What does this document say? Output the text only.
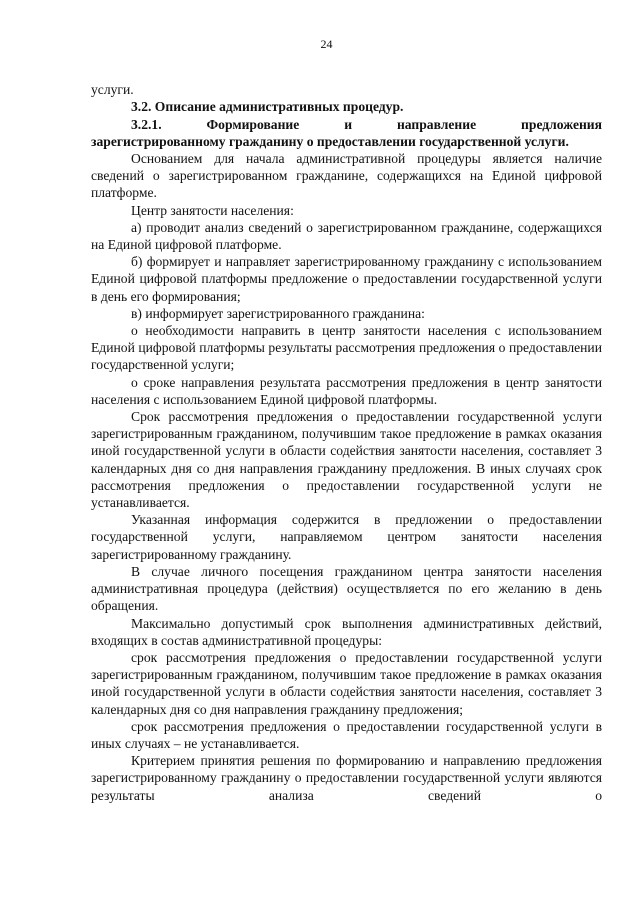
24

услуги.

3.2. Описание административных процедур.

3.2.1.      Формирование      и      направление      предложения
зарегистрированному гражданину о предоставлении государственной услуги.

Основанием для начала административной процедуры является наличие сведений о зарегистрированном гражданине, содержащихся на Единой цифровой платформе.

Центр занятости населения:

а) проводит анализ сведений о зарегистрированном гражданине, содержащихся на Единой цифровой платформе.

б) формирует и направляет зарегистрированному гражданину с использованием Единой цифровой платформы предложение о предоставлении государственной услуги в день его формирования;

в) информирует зарегистрированного гражданина:

о необходимости направить в центр занятости населения с использованием Единой цифровой платформы результаты рассмотрения предложения о предоставлении государственной услуги;

о сроке направления результата рассмотрения предложения в центр занятости населения с использованием Единой цифровой платформы.

Срок рассмотрения предложения о предоставлении государственной услуги зарегистрированным гражданином, получившим такое предложение в рамках оказания иной государственной услуги в области содействия занятости населения, составляет 3 календарных дня со дня направления гражданину предложения. В иных случаях срок рассмотрения предложения о предоставлении государственной услуги не устанавливается.

Указанная информация содержится в предложении о предоставлении государственной услуги, направляемом центром занятости населения зарегистрированному гражданину.

В случае личного посещения гражданином центра занятости населения административная процедура (действия) осуществляется по его желанию в день обращения.

Максимально допустимый срок выполнения административных действий, входящих в состав административной процедуры:

срок рассмотрения предложения о предоставлении государственной услуги зарегистрированным гражданином, получившим такое предложение в рамках оказания иной государственной услуги в области содействия занятости населения, составляет 3 календарных дня со дня направления гражданину предложения;

срок рассмотрения предложения о предоставлении государственной услуги в иных случаях – не устанавливается.

Критерием принятия решения по формированию и направлению предложения зарегистрированному гражданину о предоставлении государственной услуги являются результаты анализа сведений о
